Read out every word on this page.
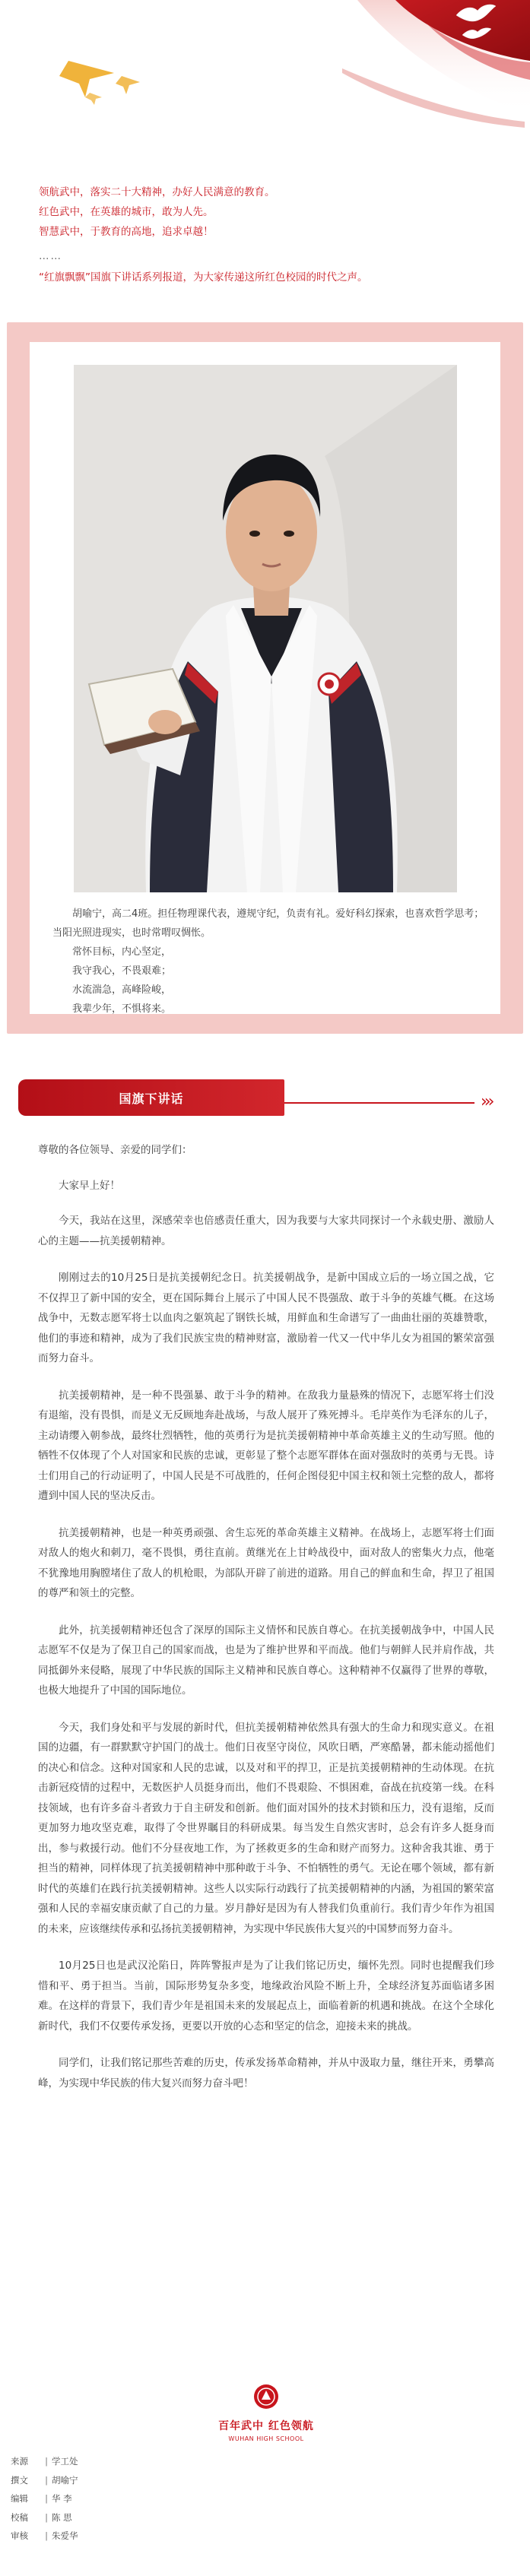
领航武中，落实二十大精神，办好人民满意的教育。
红色武中，在英雄的城市，敢为人先。
智慧武中，于教育的高地，追求卓越！
……
“红旗飘飘”国旗下讲话系列报道，为大家传递这所红色校园的时代之声。

胡喻宁，高二4班。担任物理课代表，遵规守纪，负责有礼。爱好科幻探索，也喜欢哲学思考；当阳光照进现实，也时常喟叹惆怅。

常怀目标，内心坚定，

我守我心，不畏艰难；

水流湍急，高峰险峻，

我辈少年，不惧将来。

国旗下讲话	›››

尊敬的各位领导、亲爱的同学们：

大家早上好！

今天，我站在这里，深感荣幸也倍感责任重大，因为我要与大家共同探讨一个永载史册、激励人心的主题——抗美援朝精神。

刚刚过去的10月25日是抗美援朝纪念日。抗美援朝战争，是新中国成立后的一场立国之战，它不仅捍卫了新中国的安全，更在国际舞台上展示了中国人民不畏强敌、敢于斗争的英雄气概。在这场战争中，无数志愿军将士以血肉之躯筑起了钢铁长城，用鲜血和生命谱写了一曲曲壮丽的英雄赞歌，他们的事迹和精神，成为了我们民族宝贵的精神财富，激励着一代又一代中华儿女为祖国的繁荣富强而努力奋斗。

抗美援朝精神，是一种不畏强暴、敢于斗争的精神。在敌我力量悬殊的情况下，志愿军将士们没有退缩，没有畏惧，而是义无反顾地奔赴战场，与敌人展开了殊死搏斗。毛岸英作为毛泽东的儿子，主动请缨入朝参战，最终壮烈牺牲，他的英勇行为是抗美援朝精神中革命英雄主义的生动写照。他的牺牲不仅体现了个人对国家和民族的忠诚，更彰显了整个志愿军群体在面对强敌时的英勇与无畏。诗士们用自己的行动证明了，中国人民是不可战胜的，任何企图侵犯中国主权和领土完整的敌人，都将遭到中国人民的坚决反击。

抗美援朝精神，也是一种英勇顽强、舍生忘死的革命英雄主义精神。在战场上，志愿军将士们面对敌人的炮火和刺刀，毫不畏惧，勇往直前。黄继光在上甘岭战役中，面对敌人的密集火力点，他毫不犹豫地用胸膛堵住了敌人的机枪眼，为部队开辟了前进的道路。用自己的鲜血和生命，捍卫了祖国的尊严和领土的完整。

此外，抗美援朝精神还包含了深厚的国际主义情怀和民族自尊心。在抗美援朝战争中，中国人民志愿军不仅是为了保卫自己的国家而战，也是为了维护世界和平而战。他们与朝鲜人民并肩作战，共同抵御外来侵略，展现了中华民族的国际主义精神和民族自尊心。这种精神不仅赢得了世界的尊敬，也极大地提升了中国的国际地位。

今天，我们身处和平与发展的新时代，但抗美援朝精神依然具有强大的生命力和现实意义。在祖国的边疆，有一群默默守护国门的战士。他们日夜坚守岗位，风吹日晒，严寒酷暑，都未能动摇他们的决心和信念。这种对国家和人民的忠诚，以及对和平的捍卫，正是抗美援朝精神的生动体现。在抗击新冠疫情的过程中，无数医护人员挺身而出，他们不畏艰险、不惧困难，奋战在抗疫第一线。在科技领域，也有许多奋斗者致力于自主研发和创新。他们面对国外的技术封锁和压力，没有退缩，反而更加努力地攻坚克难，取得了令世界瞩目的科研成果。每当发生自然灾害时，总会有许多人挺身而出，参与救援行动。他们不分昼夜地工作，为了拯救更多的生命和财产而努力。这种舍我其谁、勇于担当的精神，同样体现了抗美援朝精神中那种敢于斗争、不怕牺牲的勇气。无论在哪个领域，都有新时代的英雄们在践行抗美援朝精神。这些人以实际行动践行了抗美援朝精神的内涵，为祖国的繁荣富强和人民的幸福安康贡献了自己的力量。岁月静好是因为有人替我们负重前行。我们青少年作为祖国的未来，应该继续传承和弘扬抗美援朝精神，为实现中华民族伟大复兴的中国梦而努力奋斗。

10月25日也是武汉沦陷日，阵阵警报声是为了让我们铭记历史，缅怀先烈。同时也提醒我们珍惜和平、勇于担当。当前，国际形势复杂多变，地缘政治风险不断上升，全球经济复苏面临诸多困难。在这样的背景下，我们青少年是祖国未来的发展起点上，面临着新的机遇和挑战。在这个全球化新时代，我们不仅要传承发扬，更要以开放的心态和坚定的信念，迎接未来的挑战。

同学们，让我们铭记那些苦难的历史，传承发扬革命精神，并从中汲取力量，继往开来，勇攀高峰，为实现中华民族的伟大复兴而努力奋斗吧！

百年武中 红色领航
WUHAN HIGH SCHOOL
来源	| 学工处
撰文	| 胡喻宁
编辑	| 华 李
校稿	| 陈 思
审核	| 朱爱华
